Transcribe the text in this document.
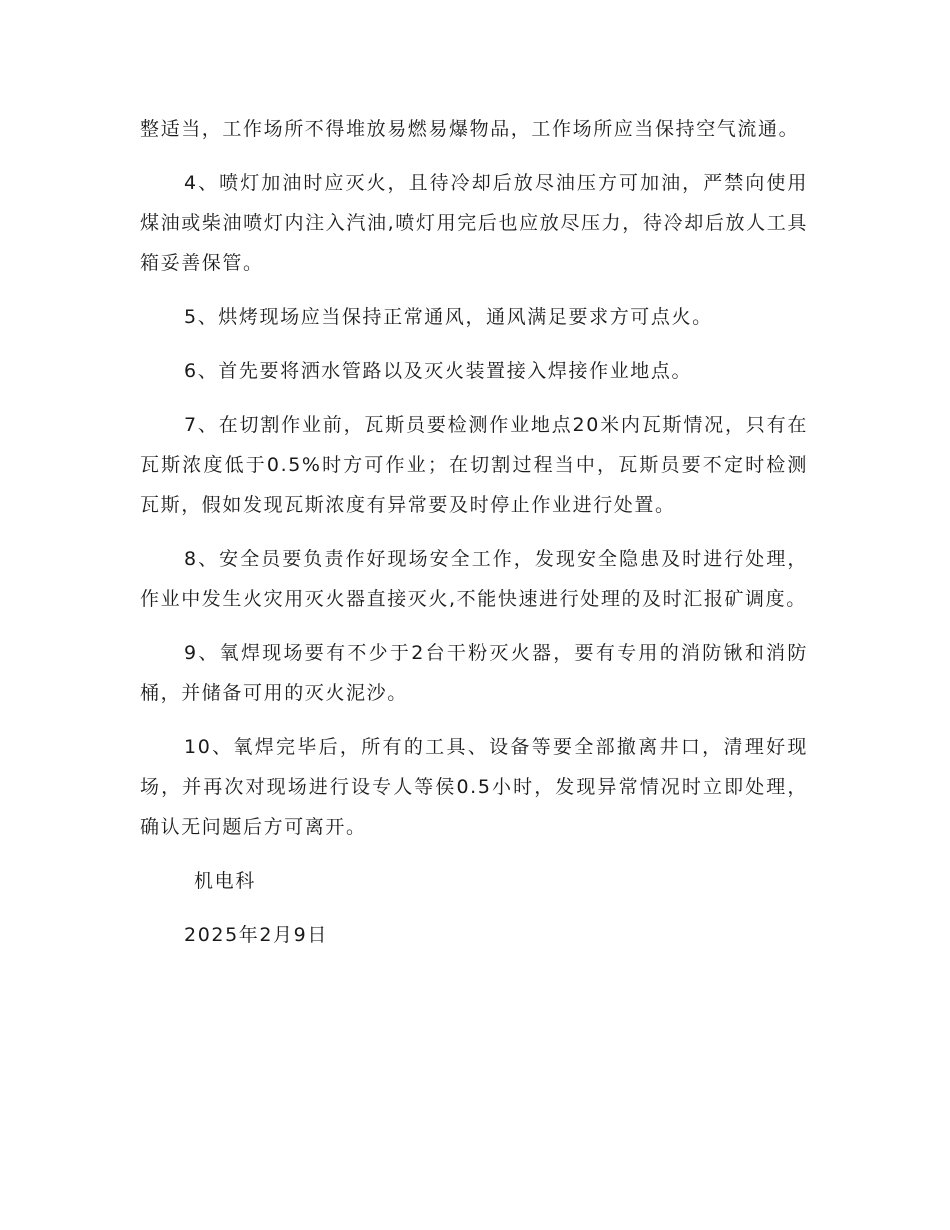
整适当，工作场所不得堆放易燃易爆物品，工作场所应当保持空气流通。

4、喷灯加油时应灭火，且待冷却后放尽油压方可加油，严禁向使用煤油或柴油喷灯内注入汽油,喷灯用完后也应放尽压力，待冷却后放人工具箱妥善保管。

5、烘烤现场应当保持正常通风，通风满足要求方可点火。

6、首先要将洒水管路以及灭火装置接入焊接作业地点。

7、在切割作业前，瓦斯员要检测作业地点20米内瓦斯情况，只有在瓦斯浓度低于0.5%时方可作业；在切割过程当中，瓦斯员要不定时检测瓦斯，假如发现瓦斯浓度有异常要及时停止作业进行处置。

8、安全员要负责作好现场安全工作，发现安全隐患及时进行处理，作业中发生火灾用灭火器直接灭火,不能快速进行处理的及时汇报矿调度。

9、氧焊现场要有不少于2台干粉灭火器，要有专用的消防锹和消防桶，并储备可用的灭火泥沙。

10、氧焊完毕后，所有的工具、设备等要全部撤离井口，清理好现场，并再次对现场进行设专人等侯0.5小时，发现异常情况时立即处理，确认无问题后方可离开。

机电科

2025年2月9日
